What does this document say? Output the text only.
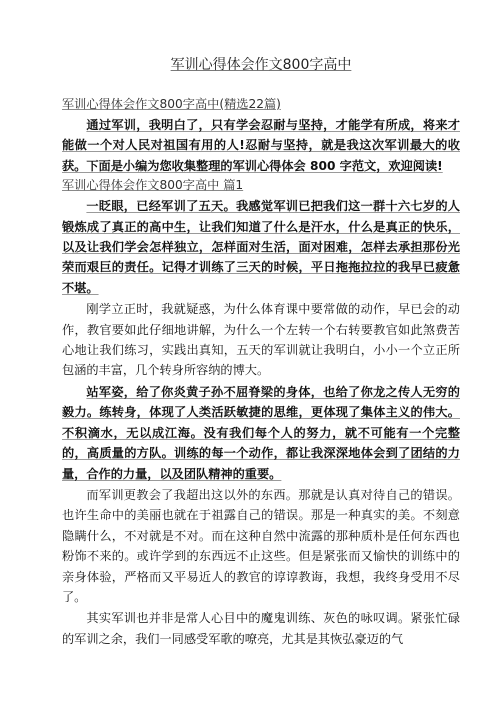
军训心得体会作文800字高中
军训心得体会作文800字高中(精选22篇)

通过军训，我明白了，只有学会忍耐与坚持，才能学有所成，将来才能做一个对人民对祖国有用的人!忍耐与坚持，就是我这次军训最大的收获。下面是小编为您收集整理的军训心得体会 800 字范文，欢迎阅读!

军训心得体会作文800字高中 篇1

一眨眼，已经军训了五天。我感觉军训已把我们这一群十六七岁的人锻炼成了真正的高中生，让我们知道了什么是汗水，什么是真正的快乐，以及让我们学会怎样独立，怎样面对生活，面对困难，怎样去承担那份光荣而艰巨的责任。记得才训练了三天的时候，平日拖拖拉拉的我早已疲惫不堪。

刚学立正时，我就疑惑，为什么体育课中要常做的动作，早已会的动作，教官要如此仔细地讲解，为什么一个左转一个右转要教官如此煞费苦心地让我们练习，实践出真知，五天的军训就让我明白，小小一个立正所包涵的丰富，几个转身所容纳的博大。

站军姿，给了你炎黄子孙不屈脊梁的身体，也给了你龙之传人无穷的毅力。练转身，体现了人类活跃敏捷的思维，更体现了集体主义的伟大。不积滴水，无以成江海。没有我们每个人的努力，就不可能有一个完整的，高质量的方队。训练的每一个动作，都让我深深地体会到了团结的力量，合作的力量，以及团队精神的重要。

而军训更教会了我超出这以外的东西。那就是认真对待自己的错误。也许生命中的美丽也就在于祖露自己的错误。那是一种真实的美。不刻意隐瞒什么，不对就是不对。而在这种自然中流露的那种质朴是任何东西也粉饰不来的。或许学到的东西远不止这些。但是紧张而又愉快的训练中的亲身体验，严格而又平易近人的教官的谆谆教诲，我想，我终身受用不尽了。

其实军训也并非是常人心目中的魔鬼训练、灰色的咏叹调。紧张忙碌的军训之余，我们一同感受军歌的嘹亮，尤其是其恢弘豪迈的气
